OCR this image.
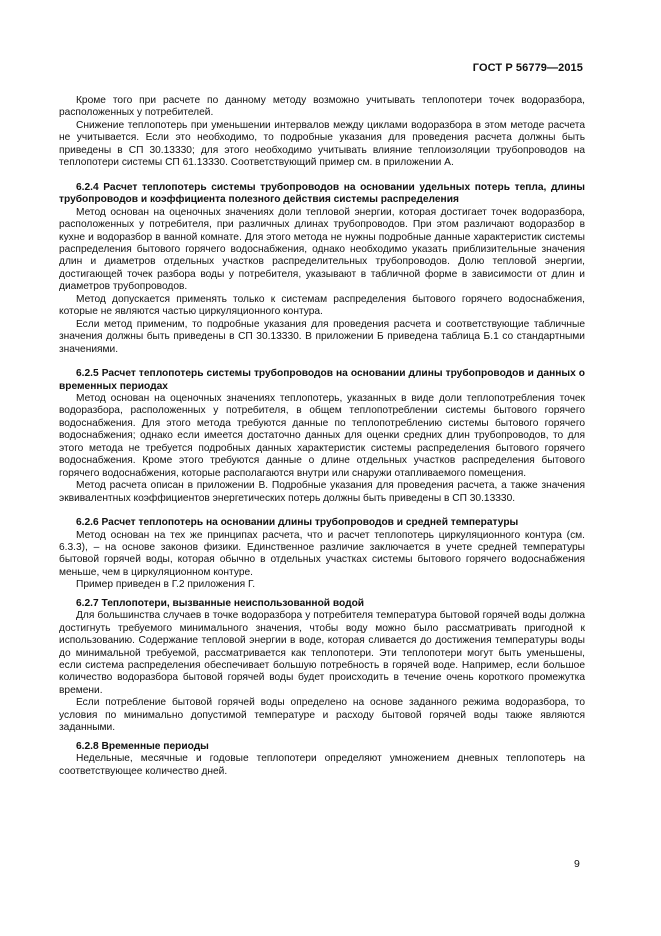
ГОСТ Р 56779—2015

Кроме того при расчете по данному методу возможно учитывать теплопотери точек водоразбора, расположенных у потребителей.

Снижение теплопотерь при уменьшении интервалов между циклами водоразбора в этом методе расчета не учитывается. Если это необходимо, то подробные указания для проведения расчета должны быть приведены в СП 30.13330; для этого необходимо учитывать влияние теплоизоляции трубопроводов на теплопотери системы СП 61.13330. Соответствующий пример см. в приложении А.

6.2.4 Расчет теплопотерь системы трубопроводов на основании удельных потерь тепла, длины трубопроводов и коэффициента полезного действия системы распределения

Метод основан на оценочных значениях доли тепловой энергии, которая достигает точек водоразбора, расположенных у потребителя, при различных длинах трубопроводов. При этом различают водоразбор в кухне и водоразбор в ванной комнате. Для этого метода не нужны подробные данные характеристик системы распределения бытового горячего водоснабжения, однако необходимо указать приблизительные значения длин и диаметров отдельных участков распределительных трубопроводов. Долю тепловой энергии, достигающей точек разбора воды у потребителя, указывают в табличной форме в зависимости от длин и диаметров трубопроводов.

Метод допускается применять только к системам распределения бытового горячего водоснабжения, которые не являются частью циркуляционного контура.

Если метод применим, то подробные указания для проведения расчета и соответствующие табличные значения должны быть приведены в СП 30.13330. В приложении Б приведена таблица Б.1 со стандартными значениями.

6.2.5 Расчет теплопотерь системы трубопроводов на основании длины трубопроводов и данных о временных периодах

Метод основан на оценочных значениях теплопотерь, указанных в виде доли теплопотребления точек водоразбора, расположенных у потребителя, в общем теплопотреблении системы бытового горячего водоснабжения. Для этого метода требуются данные по теплопотреблению системы бытового горячего водоснабжения; однако если имеется достаточно данных для оценки средних длин трубопроводов, то для этого метода не требуется подробных данных характеристик системы распределения бытового горячего водоснабжения. Кроме этого требуются данные о длине отдельных участков распределения бытового горячего водоснабжения, которые располагаются внутри или снаружи отапливаемого помещения.

Метод расчета описан в приложении В. Подробные указания для проведения расчета, а также значения эквивалентных коэффициентов энергетических потерь должны быть приведены в СП 30.13330.

6.2.6 Расчет теплопотерь на основании длины трубопроводов и средней температуры

Метод основан на тех же принципах расчета, что и расчет теплопотерь циркуляционного контура (см. 6.3.3), – на основе законов физики. Единственное различие заключается в учете средней температуры бытовой горячей воды, которая обычно в отдельных участках системы бытового горячего водоснабжения меньше, чем в циркуляционном контуре.

Пример приведен в Г.2 приложения Г.

6.2.7 Теплопотери, вызванные неиспользованной водой

Для большинства случаев в точке водоразбора у потребителя температура бытовой горячей воды должна достигнуть требуемого минимального значения, чтобы воду можно было рассматривать пригодной к использованию. Содержание тепловой энергии в воде, которая сливается до достижения температуры воды до минимальной требуемой, рассматривается как теплопотери. Эти теплопотери могут быть уменьшены, если система распределения обеспечивает большую потребность в горячей воде. Например, если большое количество водоразбора бытовой горячей воды будет происходить в течение очень короткого промежутка времени.

Если потребление бытовой горячей воды определено на основе заданного режима водоразбора, то условия по минимально допустимой температуре и расходу бытовой горячей воды также являются заданными.

6.2.8 Временные периоды

Недельные, месячные и годовые теплопотери определяют умножением дневных теплопотерь на соответствующее количество дней.

9
